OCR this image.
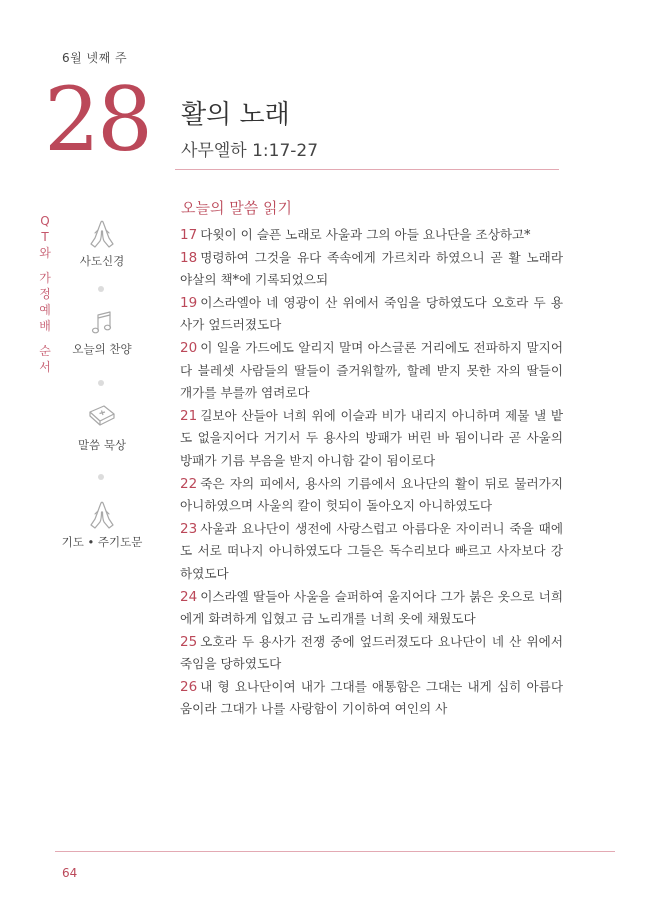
6월 넷째 주
28 활의 노래
사무엘하 1:17-27
Q
T
와
가
정
예
배
순
서
사도신경
오늘의 찬양
말씀 묵상
기도 • 주기도문
오늘의 말씀 읽기

17 다윗이 이 슬픈 노래로 사울과 그의 아들 요나단을 조상하고*

18 명령하여 그것을 유다 족속에게 가르치라 하였으니 곧 활 노래라 야살의 책*에 기록되었으되

19 이스라엘아 네 영광이 산 위에서 죽임을 당하였도다 오호라 두 용사가 엎드러졌도다

20 이 일을 가드에도 알리지 말며 아스글론 거리에도 전파하지 말지어다 블레셋 사람들의 딸들이 즐거워할까, 할례 받지 못한 자의 딸들이 개가를 부를까 염려로다

21 길보아 산들아 너희 위에 이슬과 비가 내리지 아니하며 제물 낼 밭도 없을지어다 거기서 두 용사의 방패가 버린 바 됨이니라 곧 사울의 방패가 기름 부음을 받지 아니함 같이 됨이로다

22 죽은 자의 피에서, 용사의 기름에서 요나단의 활이 뒤로 물러가지 아니하였으며 사울의 칼이 헛되이 돌아오지 아니하였도다

23 사울과 요나단이 생전에 사랑스럽고 아름다운 자이러니 죽을 때에도 서로 떠나지 아니하였도다 그들은 독수리보다 빠르고 사자보다 강하였도다

24 이스라엘 딸들아 사울을 슬퍼하여 울지어다 그가 붉은 옷으로 너희에게 화려하게 입혔고 금 노리개를 너희 옷에 채웠도다

25 오호라 두 용사가 전쟁 중에 엎드러졌도다 요나단이 네 산 위에서 죽임을 당하였도다

26 내 형 요나단이여 내가 그대를 애통함은 그대는 내게 심히 아름다움이라 그대가 나를 사랑함이 기이하여 여인의 사

64
